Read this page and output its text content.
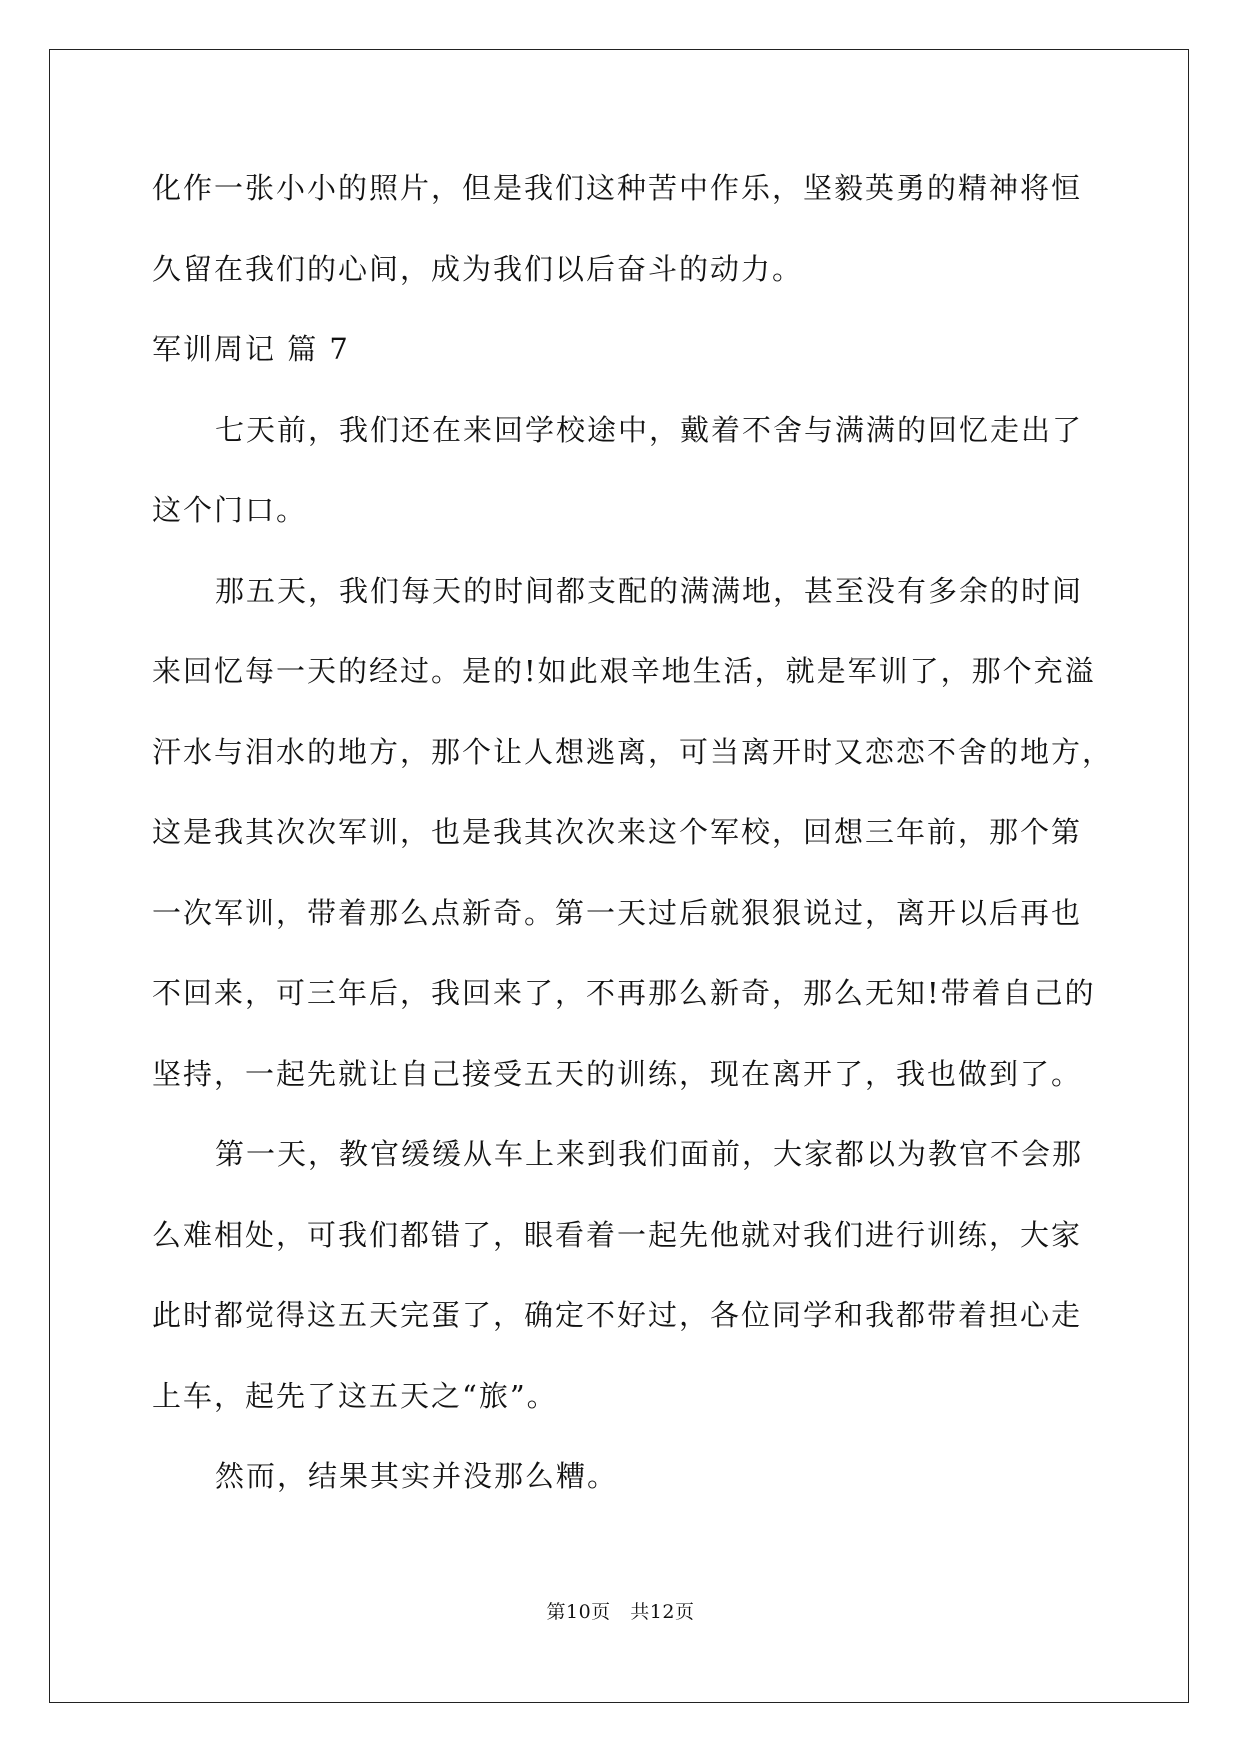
化作一张小小的照片，但是我们这种苦中作乐，坚毅英勇的精神将恒
久留在我们的心间，成为我们以后奋斗的动力。
军训周记 篇 7
七天前，我们还在来回学校途中，戴着不舍与满满的回忆走出了
这个门口。
那五天，我们每天的时间都支配的满满地，甚至没有多余的时间
来回忆每一天的经过。是的!如此艰辛地生活，就是军训了，那个充溢
汗水与泪水的地方，那个让人想逃离，可当离开时又恋恋不舍的地方，
这是我其次次军训，也是我其次次来这个军校，回想三年前，那个第
一次军训，带着那么点新奇。第一天过后就狠狠说过，离开以后再也
不回来，可三年后，我回来了，不再那么新奇，那么无知!带着自己的
坚持，一起先就让自己接受五天的训练，现在离开了，我也做到了。
第一天，教官缓缓从车上来到我们面前，大家都以为教官不会那
么难相处，可我们都错了，眼看着一起先他就对我们进行训练，大家
此时都觉得这五天完蛋了，确定不好过，各位同学和我都带着担心走
上车，起先了这五天之“旅”。
然而，结果其实并没那么糟。
第10页   共12页
